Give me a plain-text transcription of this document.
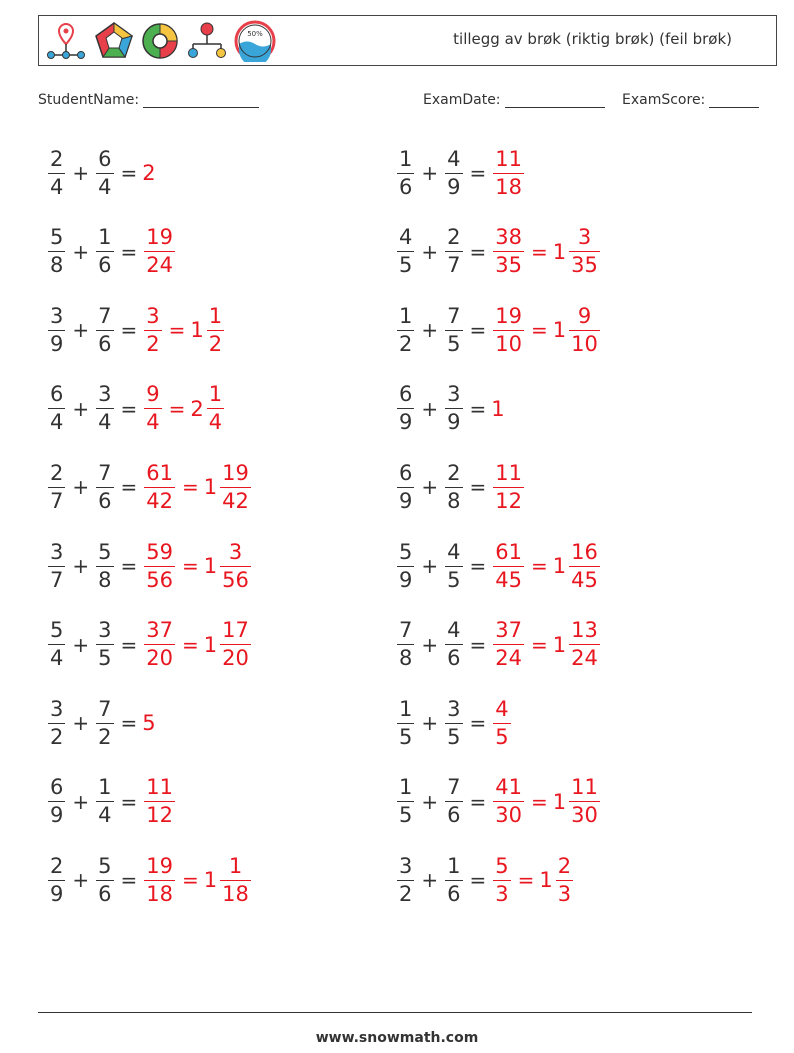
50%	tillegg av brøk (riktig brøk) (feil brøk)
StudentName:	ExamDate:	ExamScore:
$\frac{2}{4} + \frac{6}{4} = 2$	$\frac{1}{6} + \frac{4}{9} = \frac{11}{18}$
$\frac{5}{8} + \frac{1}{6} = \frac{19}{24}$	$\frac{4}{5} + \frac{2}{7} = \frac{38}{35} = 1 \frac{3}{35}$
$\frac{3}{9} + \frac{7}{6} = \frac{3}{2} = 1 \frac{1}{2}$	$\frac{1}{2} + \frac{7}{5} = \frac{19}{10} = 1 \frac{9}{10}$
$\frac{6}{4} + \frac{3}{4} = \frac{9}{4} = 2 \frac{1}{4}$	$\frac{6}{9} + \frac{3}{9} = 1$
$\frac{2}{7} + \frac{7}{6} = \frac{61}{42} = 1 \frac{19}{42}$	$\frac{6}{9} + \frac{2}{8} = \frac{11}{12}$
$\frac{3}{7} + \frac{5}{8} = \frac{59}{56} = 1 \frac{3}{56}$	$\frac{5}{9} + \frac{4}{5} = \frac{61}{45} = 1 \frac{16}{45}$
$\frac{5}{4} + \frac{3}{5} = \frac{37}{20} = 1 \frac{17}{20}$	$\frac{7}{8} + \frac{4}{6} = \frac{37}{24} = 1 \frac{13}{24}$
$\frac{3}{2} + \frac{7}{2} = 5$	$\frac{1}{5} + \frac{3}{5} = \frac{4}{5}$
$\frac{6}{9} + \frac{1}{4} = \frac{11}{12}$	$\frac{1}{5} + \frac{7}{6} = \frac{41}{30} = 1 \frac{11}{30}$
$\frac{2}{9} + \frac{5}{6} = \frac{19}{18} = 1 \frac{1}{18}$	$\frac{3}{2} + \frac{1}{6} = \frac{5}{3} = 1 \frac{2}{3}$
www.snowmath.com
